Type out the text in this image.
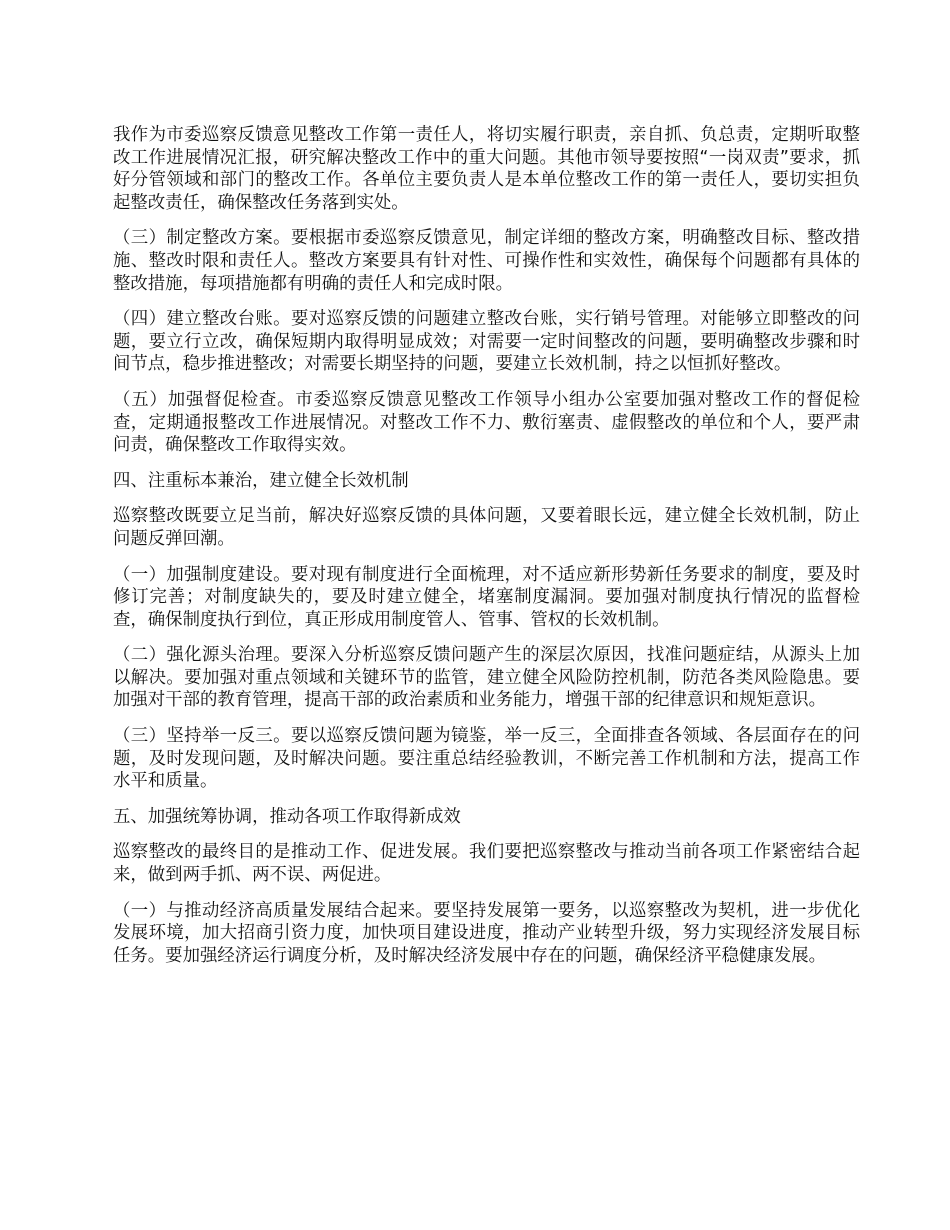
我作为市委巡察反馈意见整改工作第一责任人，将切实履行职责，亲自抓、负总责，定期听取整改工作进展情况汇报，研究解决整改工作中的重大问题。其他市领导要按照“一岗双责”要求，抓好分管领域和部门的整改工作。各单位主要负责人是本单位整改工作的第一责任人，要切实担负起整改责任，确保整改任务落到实处。

（三）制定整改方案。要根据市委巡察反馈意见，制定详细的整改方案，明确整改目标、整改措施、整改时限和责任人。整改方案要具有针对性、可操作性和实效性，确保每个问题都有具体的整改措施，每项措施都有明确的责任人和完成时限。

（四）建立整改台账。要对巡察反馈的问题建立整改台账，实行销号管理。对能够立即整改的问题，要立行立改，确保短期内取得明显成效；对需要一定时间整改的问题，要明确整改步骤和时间节点，稳步推进整改；对需要长期坚持的问题，要建立长效机制，持之以恒抓好整改。

（五）加强督促检查。市委巡察反馈意见整改工作领导小组办公室要加强对整改工作的督促检查，定期通报整改工作进展情况。对整改工作不力、敷衍塞责、虚假整改的单位和个人，要严肃问责，确保整改工作取得实效。

四、注重标本兼治，建立健全长效机制

巡察整改既要立足当前，解决好巡察反馈的具体问题，又要着眼长远，建立健全长效机制，防止问题反弹回潮。

（一）加强制度建设。要对现有制度进行全面梳理，对不适应新形势新任务要求的制度，要及时修订完善；对制度缺失的，要及时建立健全，堵塞制度漏洞。要加强对制度执行情况的监督检查，确保制度执行到位，真正形成用制度管人、管事、管权的长效机制。

（二）强化源头治理。要深入分析巡察反馈问题产生的深层次原因，找准问题症结，从源头上加以解决。要加强对重点领域和关键环节的监管，建立健全风险防控机制，防范各类风险隐患。要加强对干部的教育管理，提高干部的政治素质和业务能力，增强干部的纪律意识和规矩意识。

（三）坚持举一反三。要以巡察反馈问题为镜鉴，举一反三，全面排查各领域、各层面存在的问题，及时发现问题，及时解决问题。要注重总结经验教训，不断完善工作机制和方法，提高工作水平和质量。

五、加强统筹协调，推动各项工作取得新成效

巡察整改的最终目的是推动工作、促进发展。我们要把巡察整改与推动当前各项工作紧密结合起来，做到两手抓、两不误、两促进。

（一）与推动经济高质量发展结合起来。要坚持发展第一要务，以巡察整改为契机，进一步优化发展环境，加大招商引资力度，加快项目建设进度，推动产业转型升级，努力实现经济发展目标任务。要加强经济运行调度分析，及时解决经济发展中存在的问题，确保经济平稳健康发展。
